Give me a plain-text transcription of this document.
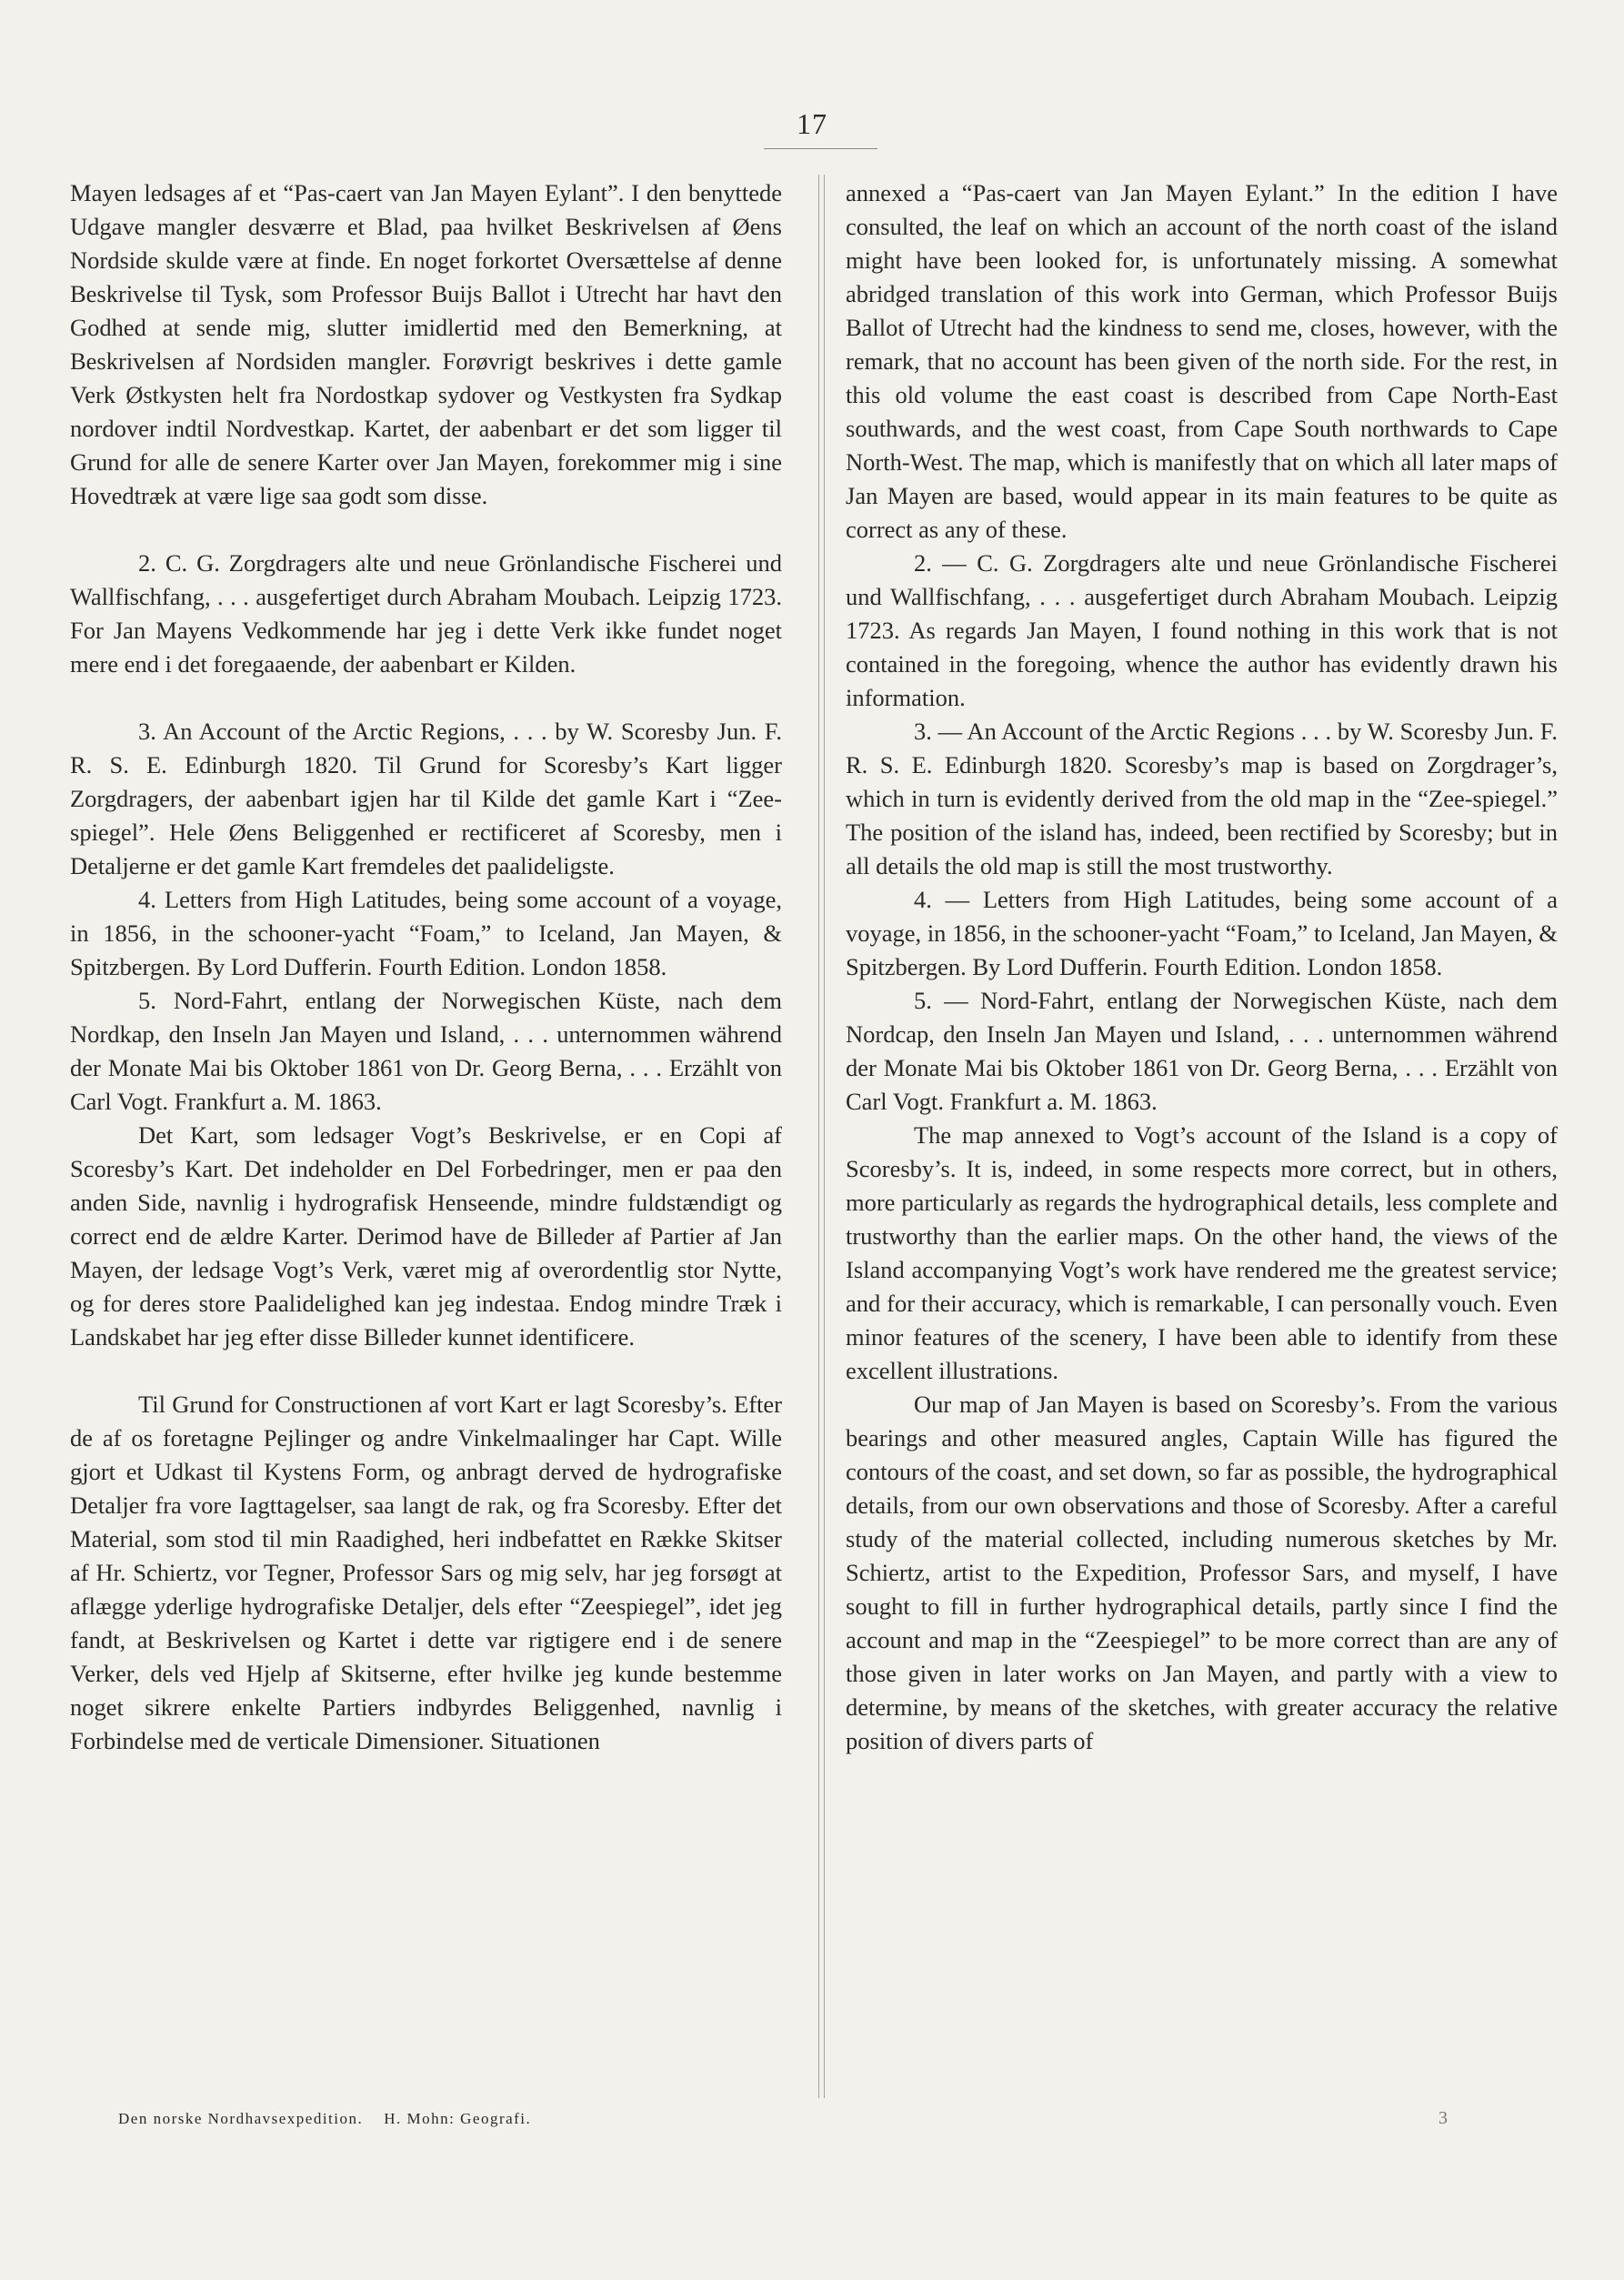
17

Mayen ledsages af et “Pas-caert van Jan Mayen Eylant”. I den benyttede Udgave mangler desværre et Blad, paa hvilket Beskrivelsen af Øens Nordside skulde være at finde. En noget forkortet Oversættelse af denne Beskrivelse til Tysk, som Professor Buijs Ballot i Utrecht har havt den Godhed at sende mig, slutter imidlertid med den Bemerkning, at Beskrivelsen af Nordsiden mangler. Forøvrigt beskrives i dette gamle Verk Østkysten helt fra Nordostkap sydover og Vestkysten fra Sydkap nordover indtil Nordvestkap. Kartet, der aabenbart er det som ligger til Grund for alle de senere Karter over Jan Mayen, forekommer mig i sine Hovedtræk at være lige saa godt som disse.

2. C. G. Zorgdragers alte und neue Grönlandische Fischerei und Wallfischfang, . . . ausgefertiget durch Abraham Moubach. Leipzig 1723. For Jan Mayens Vedkommende har jeg i dette Verk ikke fundet noget mere end i det foregaaende, der aabenbart er Kilden.

3. An Account of the Arctic Regions, . . . by W. Scoresby Jun. F. R. S. E. Edinburgh 1820. Til Grund for Scoresby’s Kart ligger Zorgdragers, der aabenbart igjen har til Kilde det gamle Kart i “Zee-spiegel”. Hele Øens Beliggenhed er rectificeret af Scoresby, men i Detaljerne er det gamle Kart fremdeles det paalideligste.

4. Letters from High Latitudes, being some account of a voyage, in 1856, in the schooner-yacht “Foam,” to Iceland, Jan Mayen, & Spitzbergen. By Lord Dufferin. Fourth Edition. London 1858.

5. Nord-Fahrt, entlang der Norwegischen Küste, nach dem Nordkap, den Inseln Jan Mayen und Island, . . . unternommen während der Monate Mai bis Oktober 1861 von Dr. Georg Berna, . . . Erzählt von Carl Vogt. Frankfurt a. M. 1863.

Det Kart, som ledsager Vogt’s Beskrivelse, er en Copi af Scoresby’s Kart. Det indeholder en Del Forbedringer, men er paa den anden Side, navnlig i hydrografisk Henseende, mindre fuldstændigt og correct end de ældre Karter. Derimod have de Billeder af Partier af Jan Mayen, der ledsage Vogt’s Verk, været mig af overordentlig stor Nytte, og for deres store Paalidelighed kan jeg indestaa. Endog mindre Træk i Landskabet har jeg efter disse Billeder kunnet identificere.

Til Grund for Constructionen af vort Kart er lagt Scoresby’s. Efter de af os foretagne Pejlinger og andre Vinkelmaalinger har Capt. Wille gjort et Udkast til Kystens Form, og anbragt derved de hydrografiske Detaljer fra vore Iagttagelser, saa langt de rak, og fra Scoresby. Efter det Material, som stod til min Raadighed, heri indbefattet en Række Skitser af Hr. Schiertz, vor Tegner, Professor Sars og mig selv, har jeg forsøgt at aflægge yderlige hydrografiske Detaljer, dels efter “Zeespiegel”, idet jeg fandt, at Beskrivelsen og Kartet i dette var rigtigere end i de senere Verker, dels ved Hjelp af Skitserne, efter hvilke jeg kunde bestemme noget sikrere enkelte Partiers indbyrdes Beliggenhed, navnlig i Forbindelse med de verticale Dimensioner. Situationen

annexed a “Pas-caert van Jan Mayen Eylant.” In the edition I have consulted, the leaf on which an account of the north coast of the island might have been looked for, is unfortunately missing. A somewhat abridged translation of this work into German, which Professor Buijs Ballot of Utrecht had the kindness to send me, closes, however, with the remark, that no account has been given of the north side. For the rest, in this old volume the east coast is described from Cape North-East southwards, and the west coast, from Cape South northwards to Cape North-West. The map, which is manifestly that on which all later maps of Jan Mayen are based, would appear in its main features to be quite as correct as any of these.

2. — C. G. Zorgdragers alte und neue Grönlandische Fischerei und Wallfischfang, . . . ausgefertiget durch Abraham Moubach. Leipzig 1723. As regards Jan Mayen, I found nothing in this work that is not contained in the foregoing, whence the author has evidently drawn his information.

3. — An Account of the Arctic Regions . . . by W. Scoresby Jun. F. R. S. E. Edinburgh 1820. Scoresby’s map is based on Zorgdrager’s, which in turn is evidently derived from the old map in the “Zee-spiegel.” The position of the island has, indeed, been rectified by Scoresby; but in all details the old map is still the most trustworthy.

4. — Letters from High Latitudes, being some account of a voyage, in 1856, in the schooner-yacht “Foam,” to Iceland, Jan Mayen, & Spitzbergen. By Lord Dufferin. Fourth Edition. London 1858.

5. — Nord-Fahrt, entlang der Norwegischen Küste, nach dem Nordcap, den Inseln Jan Mayen und Island, . . . unternommen während der Monate Mai bis Oktober 1861 von Dr. Georg Berna, . . . Erzählt von Carl Vogt. Frankfurt a. M. 1863.

The map annexed to Vogt’s account of the Island is a copy of Scoresby’s. It is, indeed, in some respects more correct, but in others, more particularly as regards the hydrographical details, less complete and trustworthy than the earlier maps. On the other hand, the views of the Island accompanying Vogt’s work have rendered me the greatest service; and for their accuracy, which is remarkable, I can personally vouch. Even minor features of the scenery, I have been able to identify from these excellent illustrations.

Our map of Jan Mayen is based on Scoresby’s. From the various bearings and other measured angles, Captain Wille has figured the contours of the coast, and set down, so far as possible, the hydrographical details, from our own observations and those of Scoresby. After a careful study of the material collected, including numerous sketches by Mr. Schiertz, artist to the Expedition, Professor Sars, and myself, I have sought to fill in further hydrographical details, partly since I find the account and map in the “Zeespiegel” to be more correct than are any of those given in later works on Jan Mayen, and partly with a view to determine, by means of the sketches, with greater accuracy the relative position of divers parts of

Den norske Nordhavsexpedition.    H. Mohn: Geografi.	3
